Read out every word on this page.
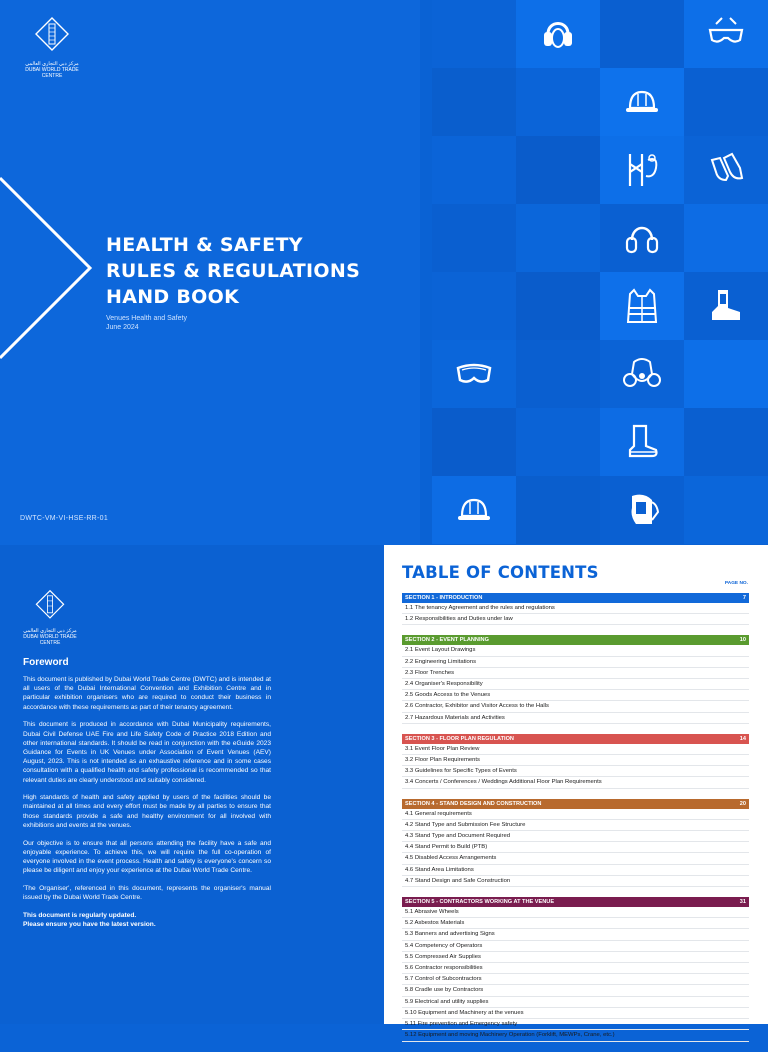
مركز دبي التجاري العالمي
DUBAI WORLD TRADE CENTRE
HEALTH & SAFETY
RULES & REGULATIONS
HAND BOOK
Venues Health and Safety
June 2024
DWTC-VM-VI-HSE-RR-01
مركز دبي التجاري العالمي
DUBAI WORLD TRADE CENTRE
Foreword

This document is published by Dubai World Trade Centre (DWTC) and is intended at all users of the Dubai International Convention and Exhibition Centre and in particular exhibition organisers who are required to conduct their business in accordance with these requirements as part of their tenancy agreement.

This document is produced in accordance with Dubai Municipality requirements, Dubai Civil Defense UAE Fire and Life Safety Code of Practice 2018 Edition and other international standards. It should be read in conjunction with the eGuide 2023 Guidance for Events in UK Venues under Association of Event Venues (AEV) August, 2023. This is not intended as an exhaustive reference and in some cases consultation with a qualified health and safety professional is recommended so that relevant duties are clearly understood and suitably considered.

High standards of health and safety applied by users of the facilities should be maintained at all times and every effort must be made by all parties to ensure that those standards provide a safe and healthy environment for all involved with exhibitions and events at the venues.

Our objective is to ensure that all persons attending the facility have a safe and enjoyable experience. To achieve this, we will require the full co-operation of everyone involved in the event process. Health and safety is everyone's concern so please be diligent and enjoy your experience at the Dubai World Trade Centre.

'The Organiser', referenced in this document, represents the organiser's manual issued by the Dubai World Trade Centre.

This document is regularly updated.
Please ensure you have the latest version.

TABLE OF CONTENTS
PAGE NO.
SECTION 1 - INTRODUCTION	7
1.1 The tenancy Agreement and the rules and regulations
1.2 Responsibilities and Duties under law
SECTION 2 - EVENT PLANNING	10
2.1 Event Layout Drawings
2.2 Engineering Limitations
2.3 Floor Trenches
2.4 Organiser's Responsibility
2.5 Goods Access to the Venues
2.6 Contractor, Exhibitor and Visitor Access to the Halls
2.7 Hazardous Materials and Activities
SECTION 3 - FLOOR PLAN REGULATION	14
3.1 Event Floor Plan Review
3.2 Floor Plan Requirements
3.3 Guidelines for Specific Types of Events
3.4 Concerts / Conferences / Weddings Additional Floor Plan Requirements
SECTION 4 - STAND DESIGN AND CONSTRUCTION	20
4.1 General requirements
4.2 Stand Type and Submission Fee Structure
4.3 Stand Type and Document Required
4.4 Stand Permit to Build (PTB)
4.5 Disabled Access Arrangements
4.6 Stand Area Limitations
4.7 Stand Design and Safe Construction
SECTION 5 - CONTRACTORS WORKING AT THE VENUE	31
5.1 Abrasive Wheels
5.2 Asbestos Materials
5.3 Banners and advertising Signs
5.4 Competency of Operators
5.5 Compressed Air Supplies
5.6 Contractor responsibilities
5.7 Control of Subcontractors
5.8 Cradle use by Contractors
5.9 Electrical and utility supplies
5.10 Equipment and Machinery at the venues
5.11 Fire prevention and Emergency safety
5.12 Equipment and moving Machinery Operation (Forklift, MEWPs, Crane, etc.)
